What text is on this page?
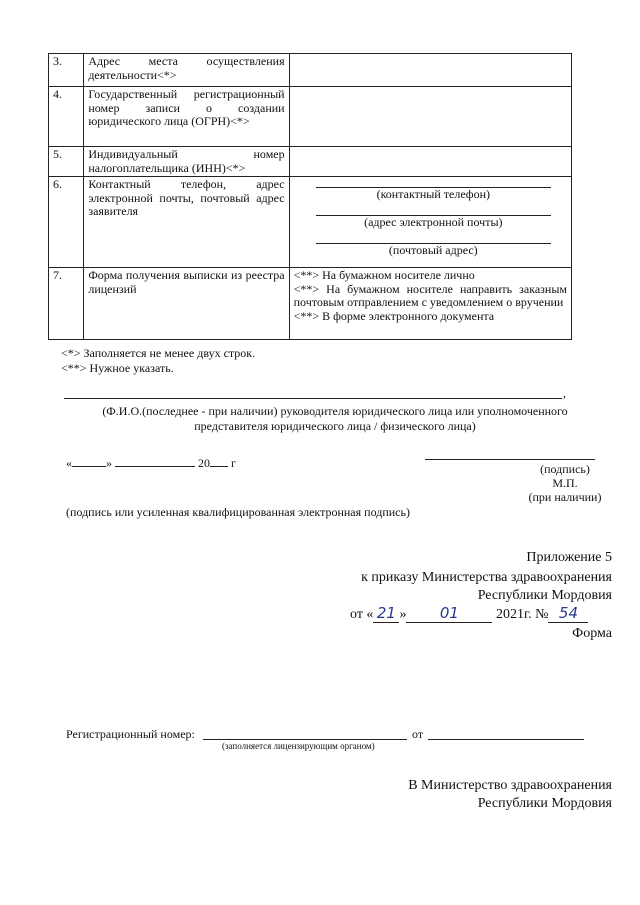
3.	Адрес места осуществления деятельности<*>	
4.	Государственный регистрационный номер записи о создании юридического лица (ОГРН)<*>	
5.	Индивидуальный номер налогоплательщика (ИНН)<*>	
6.	Контактный телефон, адрес электронной почты, почтовый адрес заявителя	(контактный телефон)
(адрес электронной почты)
(почтовый адрес)

7.	Форма получения выписки из реестра лицензий	<**> На бумажном носителе лично
<**> На бумажном носителе направить заказным почтовым отправлением с уведомлением о вручении
<**> В форме электронного документа
<*> Заполняется не менее двух строк.
<**> Нужное указать.
,
(Ф.И.О.(последнее - при наличии) руководителя юридического лица или уполномоченного
представителя юридического лица / физического лица)
«	»	20 г	(подпись)
М.П.
(при наличии)
(подпись или усиленная квалифицированная электронная подпись)
Приложение 5
к приказу Министерства здравоохранения
Республики Мордовия
от « 21 » 01	2021г. № 54
Форма
Регистрационный номер:	от
(заполняется лицензирующим органом)
В Министерство здравоохранения
Республики Мордовия
